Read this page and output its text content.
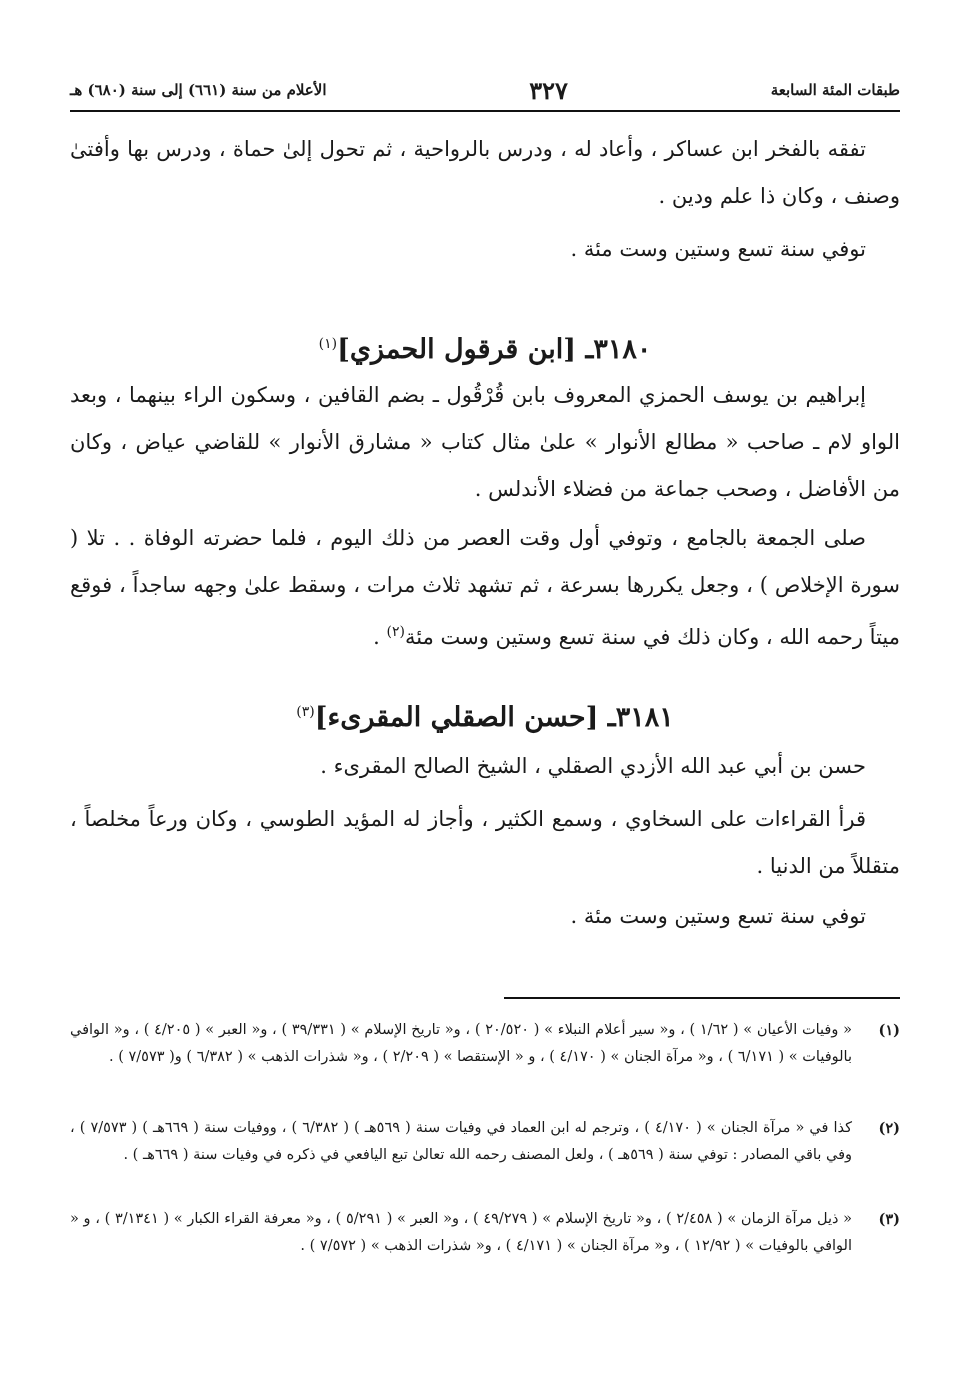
طبقات المئة السابعة
٣٢٧
الأعلام من سنة (٦٦١) إلى سنة (٦٨٠) هـ

تفقه بالفخر ابن عساكر ، وأعاد له ، ودرس بالرواحية ، ثم تحول إلىٰ حماة ، ودرس بها وأفتىٰ وصنف ، وكان ذا علم ودين .

توفي سنة تسع وستين وست مئة .

٣١٨٠ـ [ابن قرقول الحمزي]$^{(١)}$

إبراهيم بن يوسف الحمزي المعروف بابن قُرْقُول ـ بضم القافين ، وسكون الراء بينهما ، وبعد الواو لام ـ صاحب « مطالع الأنوار » علىٰ مثال كتاب « مشارق الأنوار » للقاضي عياض ، وكان من الأفاضل ، وصحب جماعة من فضلاء الأندلس .

صلى الجمعة بالجامع ، وتوفي أول وقت العصر من ذلك اليوم ، فلما حضرته الوفاة . . تلا ( سورة الإخلاص ) ، وجعل يكررها بسرعة ، ثم تشهد ثلاث مرات ، وسقط علىٰ وجهه ساجداً ، فوقع ميتاً رحمه الله ، وكان ذلك في سنة تسع وستين وست مئة$^{(٢)}$ .

٣١٨١ـ [حسن الصقلي المقرىء]$^{(٣)}$

حسن بن أبي عبد الله الأزدي الصقلي ، الشيخ الصالح المقرىء .

قرأ القراءات على السخاوي ، وسمع الكثير ، وأجاز له المؤيد الطوسي ، وكان ورعاً مخلصاً ، متقللاً من الدنيا .

توفي سنة تسع وستين وست مئة .

(١)
« وفيات الأعيان » ( ١/٦٢ ) ، و« سير أعلام النبلاء » ( ٢٠/٥٢٠ ) ، و« تاريخ الإسلام » ( ٣٩/٣٣١ ) ، و« العبر » ( ٤/٢٠٥ ) ، و« الوافي بالوفيات » ( ٦/١٧١ ) ، و« مرآة الجنان » ( ٤/١٧٠ ) ، و « الإستقصا » ( ٢/٢٠٩ ) ، و« شذرات الذهب » ( ٦/٣٨٢ ) و( ٧/٥٧٣ ) .
(٢)
كذا في « مرآة الجنان » ( ٤/١٧٠ ) ، وترجم له ابن العماد في وفيات سنة ( ٥٦٩هـ ) ( ٦/٣٨٢ ) ، ووفيات سنة ( ٦٦٩هـ ) ( ٧/٥٧٣ ) ، وفي باقي المصادر : توفي سنة ( ٥٦٩هـ ) ، ولعل المصنف رحمه الله تعالىٰ تبع اليافعي في ذكره في وفيات سنة ( ٦٦٩هـ ) .
(٣)
« ذيل مرآة الزمان » ( ٢/٤٥٨ ) ، و« تاريخ الإسلام » ( ٤٩/٢٧٩ ) ، و« العبر » ( ٥/٢٩١ ) ، و« معرفة القراء الكبار » ( ٣/١٣٤١ ) ، و « الوافي بالوفيات » ( ١٢/٩٢ ) ، و« مرآة الجنان » ( ٤/١٧١ ) ، و« شذرات الذهب » ( ٧/٥٧٢ ) .
